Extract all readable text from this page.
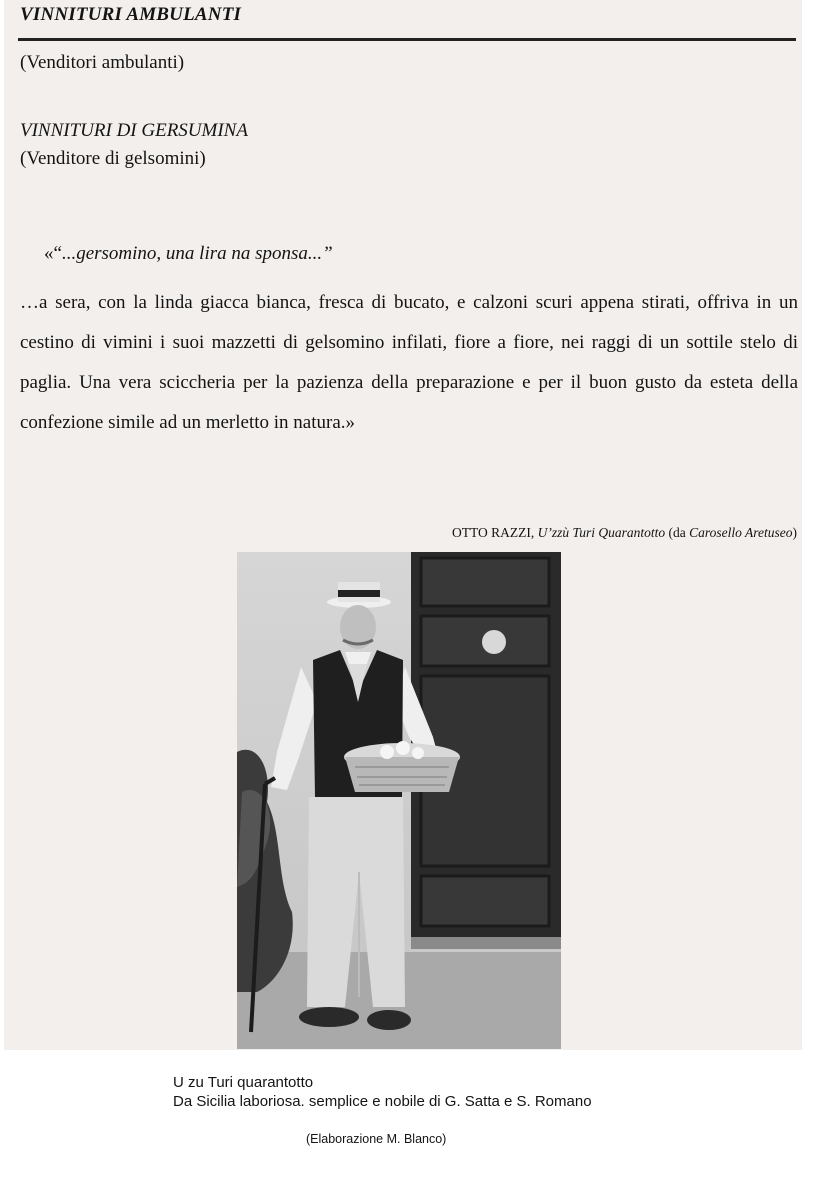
VINNITURI AMBULANTI
(Venditori ambulanti)
VINNITURI DI GERSUMINA
(Venditore di gelsomini)
«“...gersomino, una lira na sponsa...”
…a sera, con la linda giacca bianca, fresca di bucato, e calzoni scuri appena stirati, offriva in un cestino di vimini i suoi mazzetti di gelsomino infilati, fiore a fiore, nei raggi di un sottile stelo di paglia. Una vera sciccheria per la pazienza della preparazione e per il buon gusto da esteta della confezione simile ad un merletto in natura.»
OTTO RAZZI, U’zzù Turi Quarantotto (da Carosello Aretuseo)
U zu Turi quarantotto
Da Sicilia laboriosa. semplice e nobile di G. Satta e S. Romano
(Elaborazione M. Blanco)
